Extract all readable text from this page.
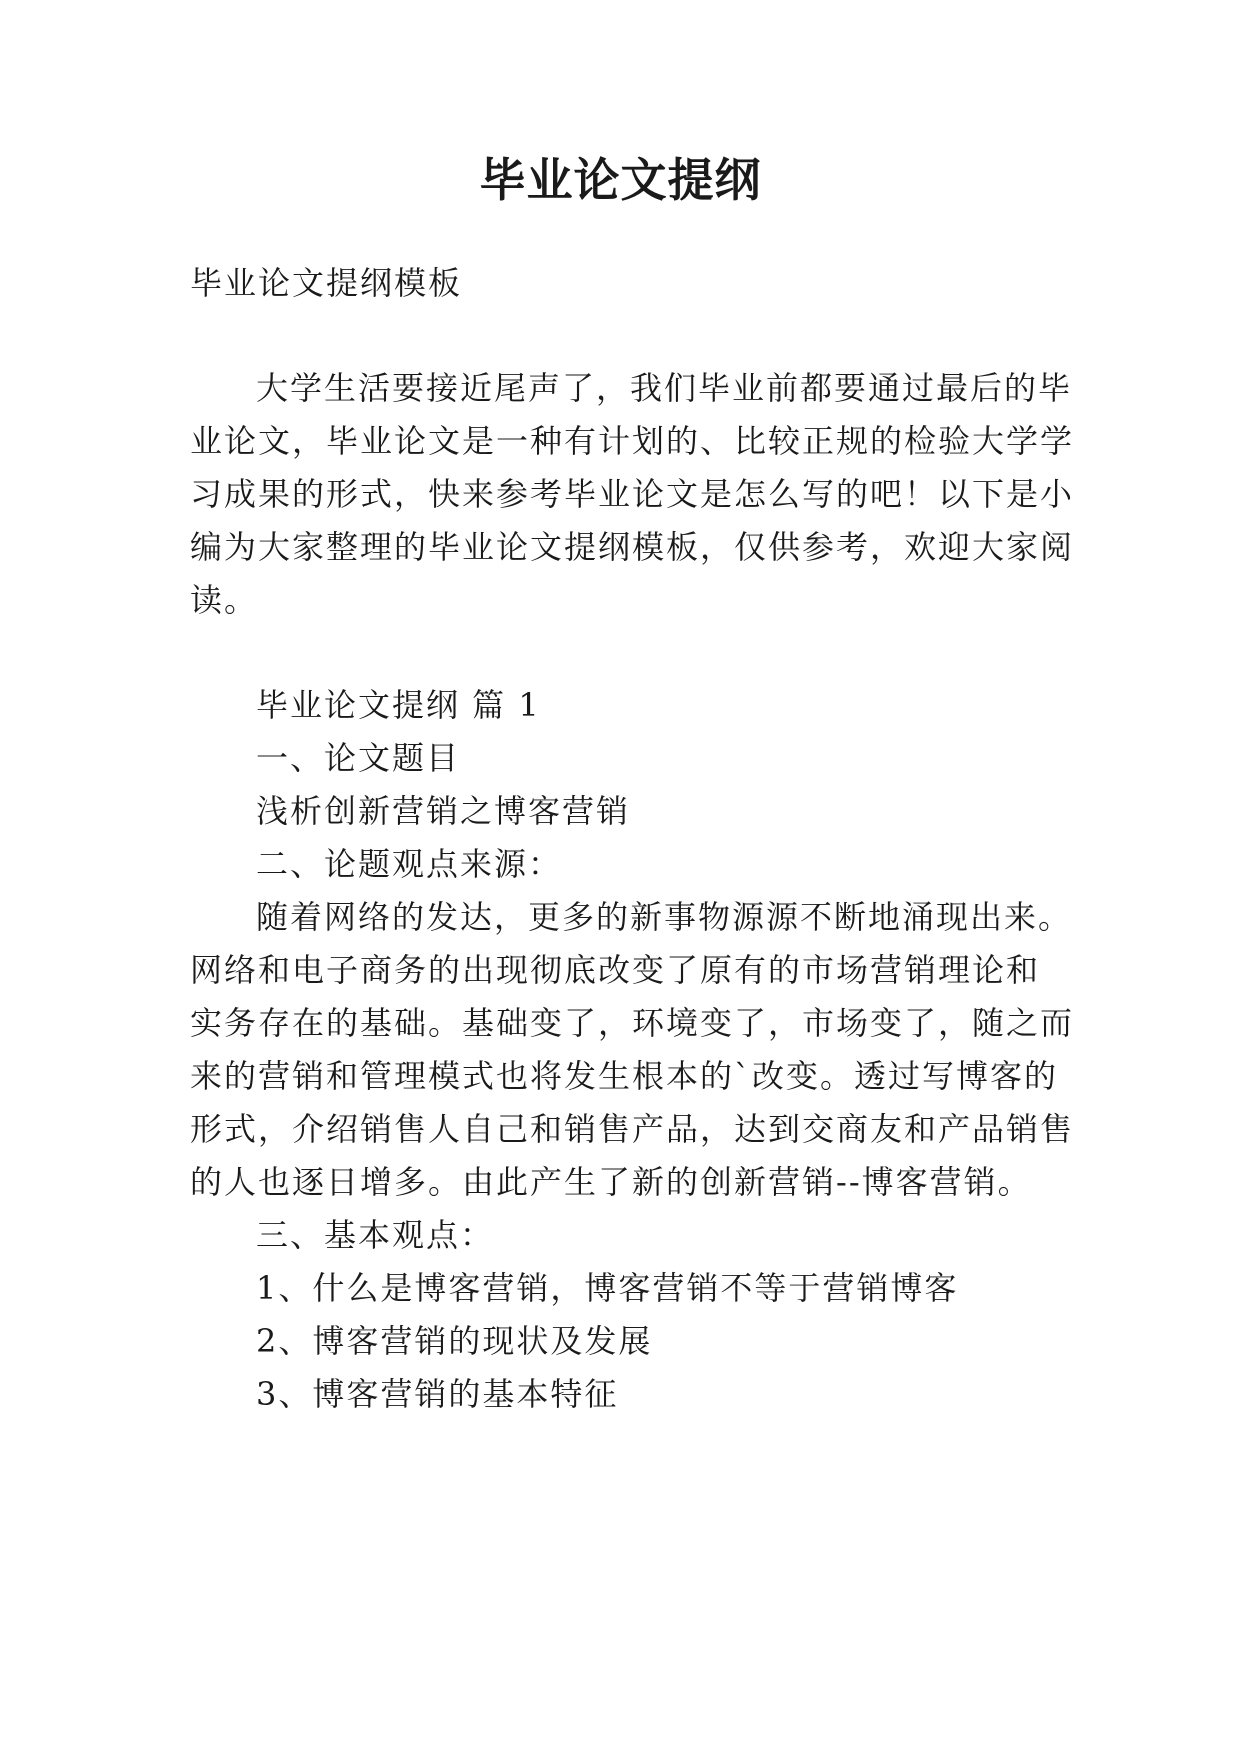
毕业论文提纲
毕业论文提纲模板
大学生活要接近尾声了，我们毕业前都要通过最后的毕
业论文，毕业论文是一种有计划的、比较正规的检验大学学
习成果的形式，快来参考毕业论文是怎么写的吧！以下是小
编为大家整理的毕业论文提纲模板，仅供参考，欢迎大家阅
读。
毕业论文提纲 篇 1
一、论文题目
浅析创新营销之博客营销
二、论题观点来源：
随着网络的发达，更多的新事物源源不断地涌现出来。
网络和电子商务的出现彻底改变了原有的市场营销理论和
实务存在的基础。基础变了，环境变了，市场变了，随之而
来的营销和管理模式也将发生根本的`改变。透过写博客的
形式，介绍销售人自己和销售产品，达到交商友和产品销售
的人也逐日增多。由此产生了新的创新营销--博客营销。
三、基本观点：
1、什么是博客营销，博客营销不等于营销博客
2、博客营销的现状及发展
3、博客营销的基本特征
